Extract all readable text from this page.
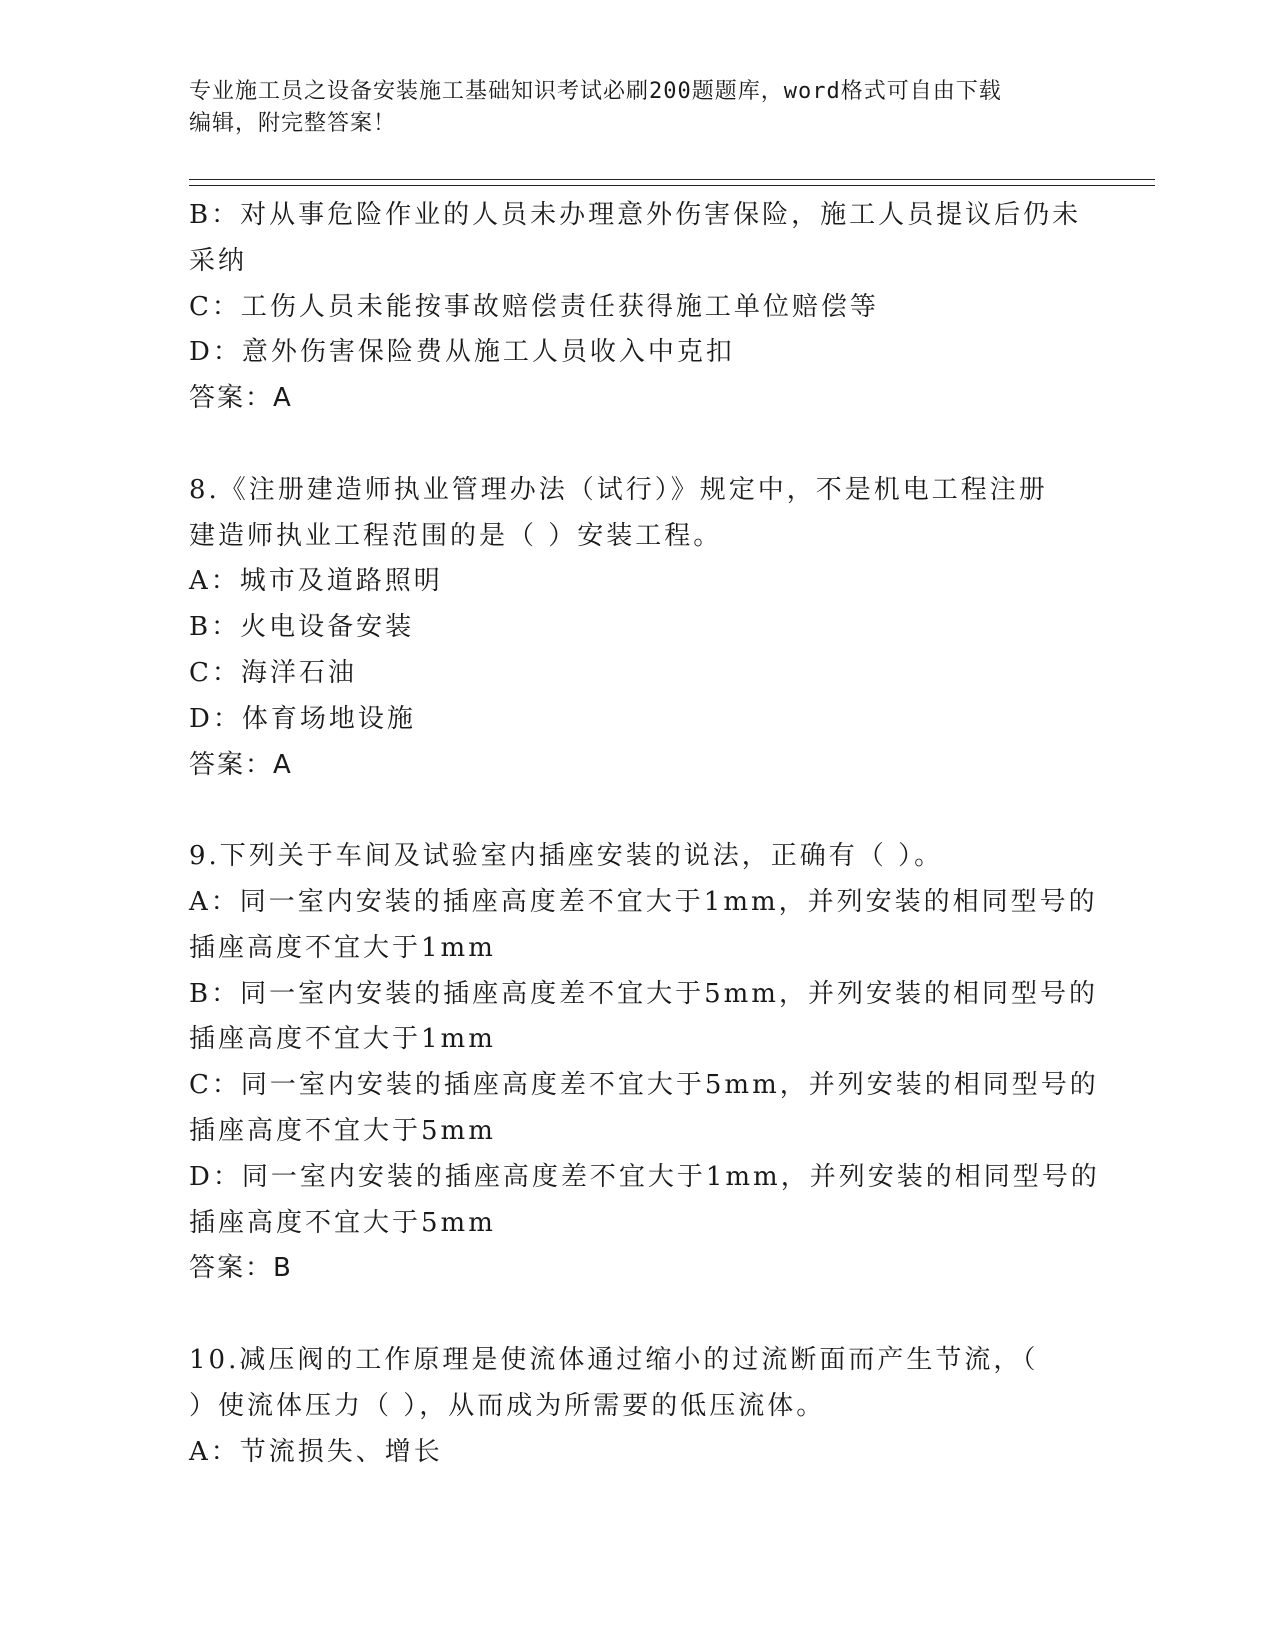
专业施工员之设备安装施工基础知识考试必刷200题题库，word格式可自由下载

编辑，附完整答案！

B：对从事危险作业的人员未办理意外伤害保险，施工人员提议后仍未

采纳

C：工伤人员未能按事故赔偿责任获得施工单位赔偿等

D：意外伤害保险费从施工人员收入中克扣

答案：A

8.《注册建造师执业管理办法（试行）》规定中，不是机电工程注册

建造师执业工程范围的是（ ）安装工程。

A：城市及道路照明

B：火电设备安装

C：海洋石油

D：体育场地设施

答案：A

9.下列关于车间及试验室内插座安装的说法，正确有（ ）。

A：同一室内安装的插座高度差不宜大于1mm，并列安装的相同型号的

插座高度不宜大于1mm

B：同一室内安装的插座高度差不宜大于5mm，并列安装的相同型号的

插座高度不宜大于1mm

C：同一室内安装的插座高度差不宜大于5mm，并列安装的相同型号的

插座高度不宜大于5mm

D：同一室内安装的插座高度差不宜大于1mm，并列安装的相同型号的

插座高度不宜大于5mm

答案：B

10.减压阀的工作原理是使流体通过缩小的过流断面而产生节流，（

）使流体压力（ ），从而成为所需要的低压流体。

A：节流损失、增长
